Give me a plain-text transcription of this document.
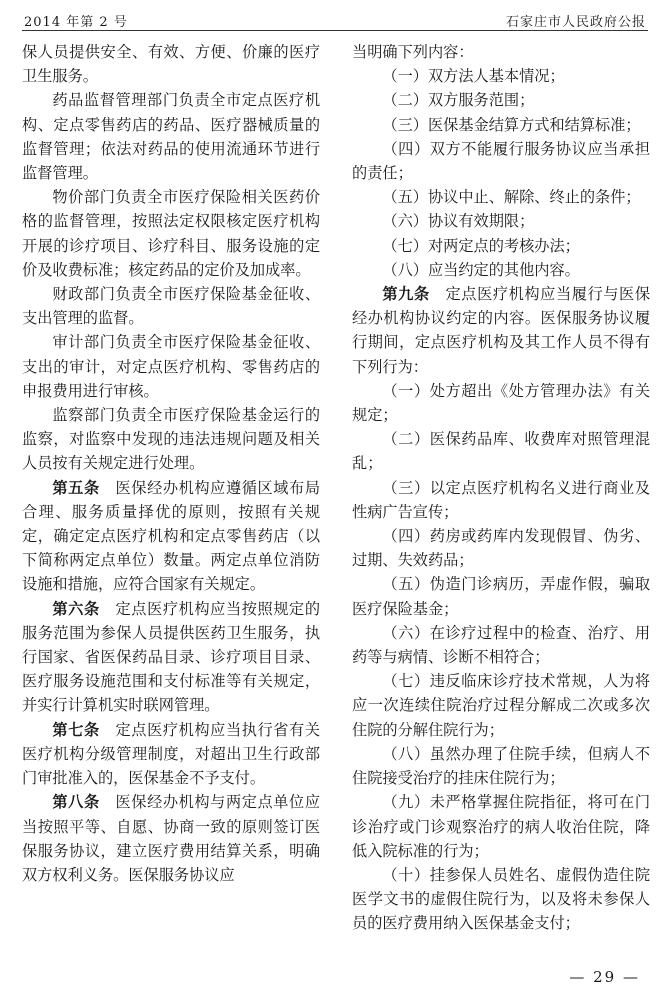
2014 年第 2 号	石家庄市人民政府公报

保人员提供安全、有效、方便、价廉的医疗卫生服务。

药品监督管理部门负责全市定点医疗机构、定点零售药店的药品、医疗器械质量的监督管理；依法对药品的使用流通环节进行监督管理。

物价部门负责全市医疗保险相关医药价格的监督管理，按照法定权限核定医疗机构开展的诊疗项目、诊疗科目、服务设施的定价及收费标准；核定药品的定价及加成率。

财政部门负责全市医疗保险基金征收、支出管理的监督。

审计部门负责全市医疗保险基金征收、支出的审计，对定点医疗机构、零售药店的申报费用进行审核。

监察部门负责全市医疗保险基金运行的监察，对监察中发现的违法违规问题及相关人员按有关规定进行处理。

第五条　 医保经办机构应遵循区域布局合理、服务质量择优的原则，按照有关规定，确定定点医疗机构和定点零售药店（以下简称两定点单位）数量。两定点单位消防设施和措施，应符合国家有关规定。

第六条　 定点医疗机构应当按照规定的服务范围为参保人员提供医药卫生服务，执行国家、省医保药品目录、诊疗项目目录、医疗服务设施范围和支付标准等有关规定，并实行计算机实时联网管理。

第七条　 定点医疗机构应当执行省有关医疗机构分级管理制度，对超出卫生行政部门审批准入的，医保基金不予支付。

第八条　 医保经办机构与两定点单位应当按照平等、自愿、协商一致的原则签订医保服务协议，建立医疗费用结算关系，明确双方权利义务。医保服务协议应

当明确下列内容：

（一）双方法人基本情况；

（二）双方服务范围；

（三）医保基金结算方式和结算标准；

（四）双方不能履行服务协议应当承担的责任；

（五）协议中止、解除、终止的条件；

（六）协议有效期限；

（七）对两定点的考核办法；

（八）应当约定的其他内容。

第九条　 定点医疗机构应当履行与医保经办机构协议约定的内容。医保服务协议履行期间，定点医疗机构及其工作人员不得有下列行为：

（一）处方超出《处方管理办法》有关规定；

（二）医保药品库、收费库对照管理混乱；

（三）以定点医疗机构名义进行商业及性病广告宣传；

（四）药房或药库内发现假冒、伪劣、过期、失效药品；

（五）伪造门诊病历，弄虚作假，骗取医疗保险基金；

（六）在诊疗过程中的检查、治疗、用药等与病情、诊断不相符合；

（七）违反临床诊疗技术常规，人为将应一次连续住院治疗过程分解成二次或多次住院的分解住院行为；

（八）虽然办理了住院手续，但病人不住院接受治疗的挂床住院行为；

（九）未严格掌握住院指征，将可在门诊治疗或门诊观察治疗的病人收治住院，降低入院标准的行为；

（十）挂参保人员姓名、虚假伪造住院医学文书的虚假住院行为，以及将未参保人员的医疗费用纳入医保基金支付；

— 29 —
